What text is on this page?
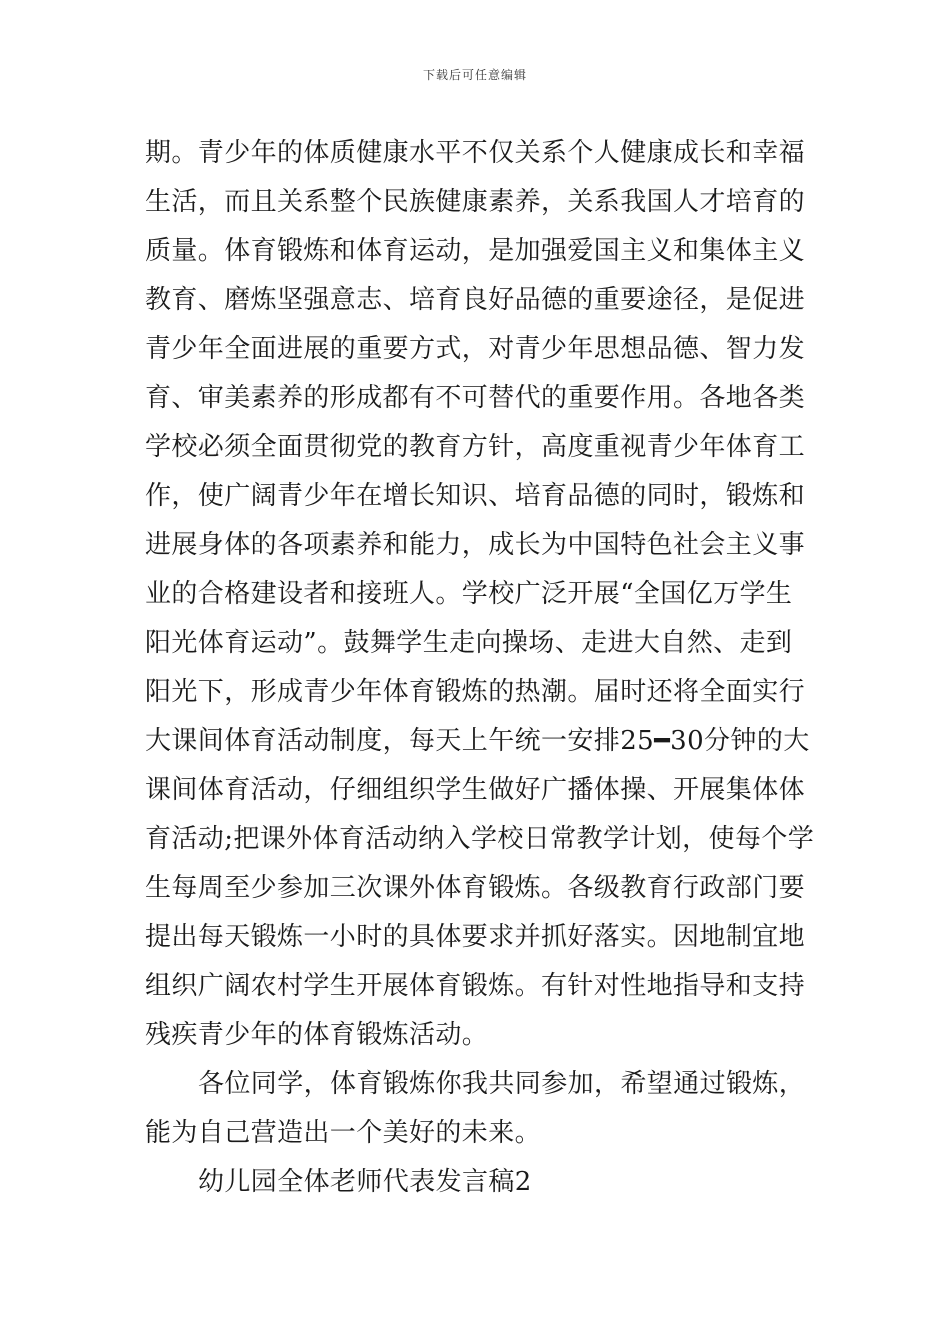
下载后可任意编辑
期。青少年的体质健康水平不仅关系个人健康成长和幸福
生活，而且关系整个民族健康素养，关系我国人才培育的
质量。体育锻炼和体育运动，是加强爱国主义和集体主义
教育、磨炼坚强意志、培育良好品德的重要途径，是促进
青少年全面进展的重要方式，对青少年思想品德、智力发
育、审美素养的形成都有不可替代的重要作用。各地各类
学校必须全面贯彻党的教育方针，高度重视青少年体育工
作，使广阔青少年在增长知识、培育品德的同时，锻炼和
进展身体的各项素养和能力，成长为中国特色社会主义事
业的合格建设者和接班人。学校广泛开展“全国亿万学生
阳光体育运动”。鼓舞学生走向操场、走进大自然、走到
阳光下，形成青少年体育锻炼的热潮。届时还将全面实行
大课间体育活动制度，每天上午统一安排25━30分钟的大
课间体育活动，仔细组织学生做好广播体操、开展集体体
育活动;把课外体育活动纳入学校日常教学计划，使每个学
生每周至少参加三次课外体育锻炼。各级教育行政部门要
提出每天锻炼一小时的具体要求并抓好落实。因地制宜地
组织广阔农村学生开展体育锻炼。有针对性地指导和支持
残疾青少年的体育锻炼活动。
各位同学，体育锻炼你我共同参加，希望通过锻炼，
能为自己营造出一个美好的未来。
幼儿园全体老师代表发言稿2
